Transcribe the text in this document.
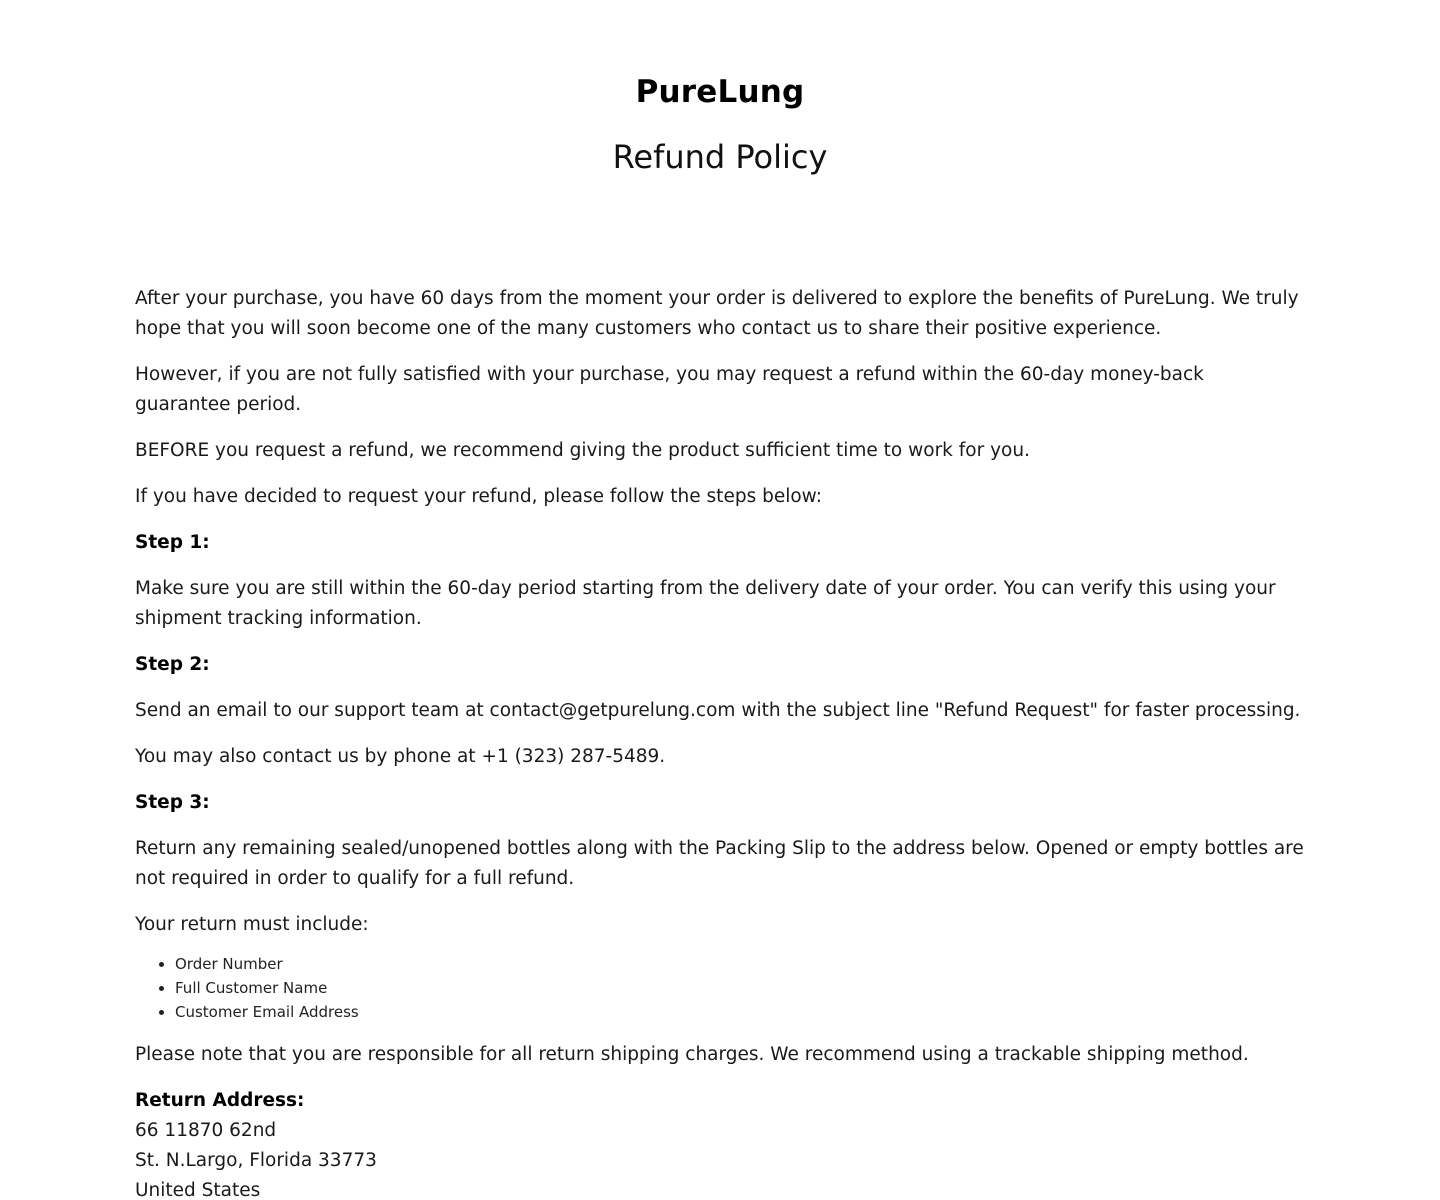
PureLung
Refund Policy

After your purchase, you have 60 days from the moment your order is delivered to explore the benefits of PureLung. We truly hope that you will soon become one of the many customers who contact us to share their positive experience.

However, if you are not fully satisfied with your purchase, you may request a refund within the 60-day money-back guarantee period.

BEFORE you request a refund, we recommend giving the product sufficient time to work for you.

If you have decided to request your refund, please follow the steps below:

Step 1:

Make sure you are still within the 60-day period starting from the delivery date of your order. You can verify this using your shipment tracking information.

Step 2:

Send an email to our support team at contact@getpurelung.com with the subject line "Refund Request" for faster processing.

You may also contact us by phone at +1 (323) 287-5489.

Step 3:

Return any remaining sealed/unopened bottles along with the Packing Slip to the address below. Opened or empty bottles are not required in order to qualify for a full refund.

Your return must include:

• Order Number
• Full Customer Name
• Customer Email Address

Please note that you are responsible for all return shipping charges. We recommend using a trackable shipping method.

Return Address:
66 11870 62nd
St. N.Largo, Florida 33773
United States
